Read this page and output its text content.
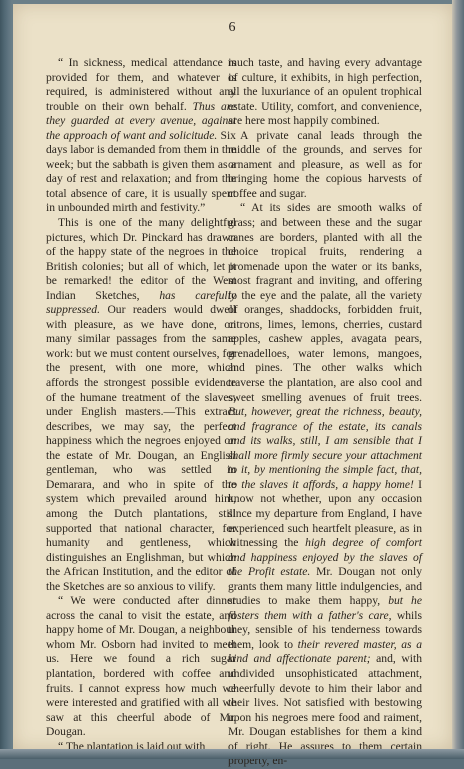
6

“ In sickness, medical attendance is provided for them, and whatever is required, is administered without any trouble on their own behalf. Thus are they guarded at every avenue, against the approach of want and solicitude. Six days labor is demanded from them in the week; but the sabbath is given them as a day of rest and relaxation; and from the total absence of care, it is usually spent in unbounded mirth and festivity.”

This is one of the many delightful pictures, which Dr. Pinckard has drawn of the happy state of the negroes in the British colonies; but all of which, let it be remarked! the editor of the West Indian Sketches, has carefully suppressed. Our readers would dwell with pleasure, as we have done, on many similar passages from the same work: but we must content ourselves, for the present, with one more, which affords the strongest possible evidence of the humane treatment of the slaves, under English masters.—This extract describes, we may say, the perfect happiness which the negroes enjoyed on the estate of Mr. Dougan, an English gentleman, who was settled in Demarara, and who in spite of the system which prevailed around him, among the Dutch plantations, still supported that national character, for humanity and gentleness, which distinguishes an Englishman, but which the African Institution, and the editor of the Sketches are so anxious to vilify.

“ We were conducted after dinner across the canal to visit the estate, and happy home of Mr. Dougan, a neighbour whom Mr. Osborn had invited to meet us. Here we found a rich sugar plantation, bordered with coffee and fruits. I cannot express how much we were interested and gratified with all we saw at this cheerful abode of Mr. Dougan.

“ The plantation is laid out with

much taste, and having every advantage of culture, it exhibits, in high perfection, all the luxuriance of an opulent trophical estate. Utility, comfort, and convenience, are here most happily combined.

A private canal leads through the middle of the grounds, and serves for ornament and pleasure, as well as for bringing home the copious harvests of coffee and sugar.

“ At its sides are smooth walks of grass; and between these and the sugar canes are borders, planted with all the choice tropical fruits, rendering a promenade upon the water or its banks, most fragrant and inviting, and offering to the eye and the palate, all the variety of oranges, shaddocks, forbidden fruit, citrons, limes, lemons, cherries, custard apples, cashew apples, avagata pears, grenadelloes, water lemons, mangoes, and pines. The other walks which traverse the plantation, are also cool and sweet smelling avenues of fruit trees. But, however, great the richness, beauty, and fragrance of the estate, its canals and its walks, still, I am sensible that I shall more firmly secure your attachment to it, by mentioning the simple fact, that, to the slaves it affords, a happy home! I know not whether, upon any occasion since my departure from England, I have experienced such heartfelt pleasure, as in witnessing the high degree of comfort and happiness enjoyed by the slaves of the Profit estate. Mr. Dougan not only grants them many little indulgencies, and studies to make them happy, but he fosters them with a father's care, whils they, sensible of his tenderness towards them, look to their revered master, as a kind and affectionate parent; and, with undivided unsophisticated attachment, cheerfully devote to him their labor and their lives. Not satisfied with bestowing upon his negroes mere food and raiment, Mr. Dougan establishes for them a kind of right. He assures to them certain
